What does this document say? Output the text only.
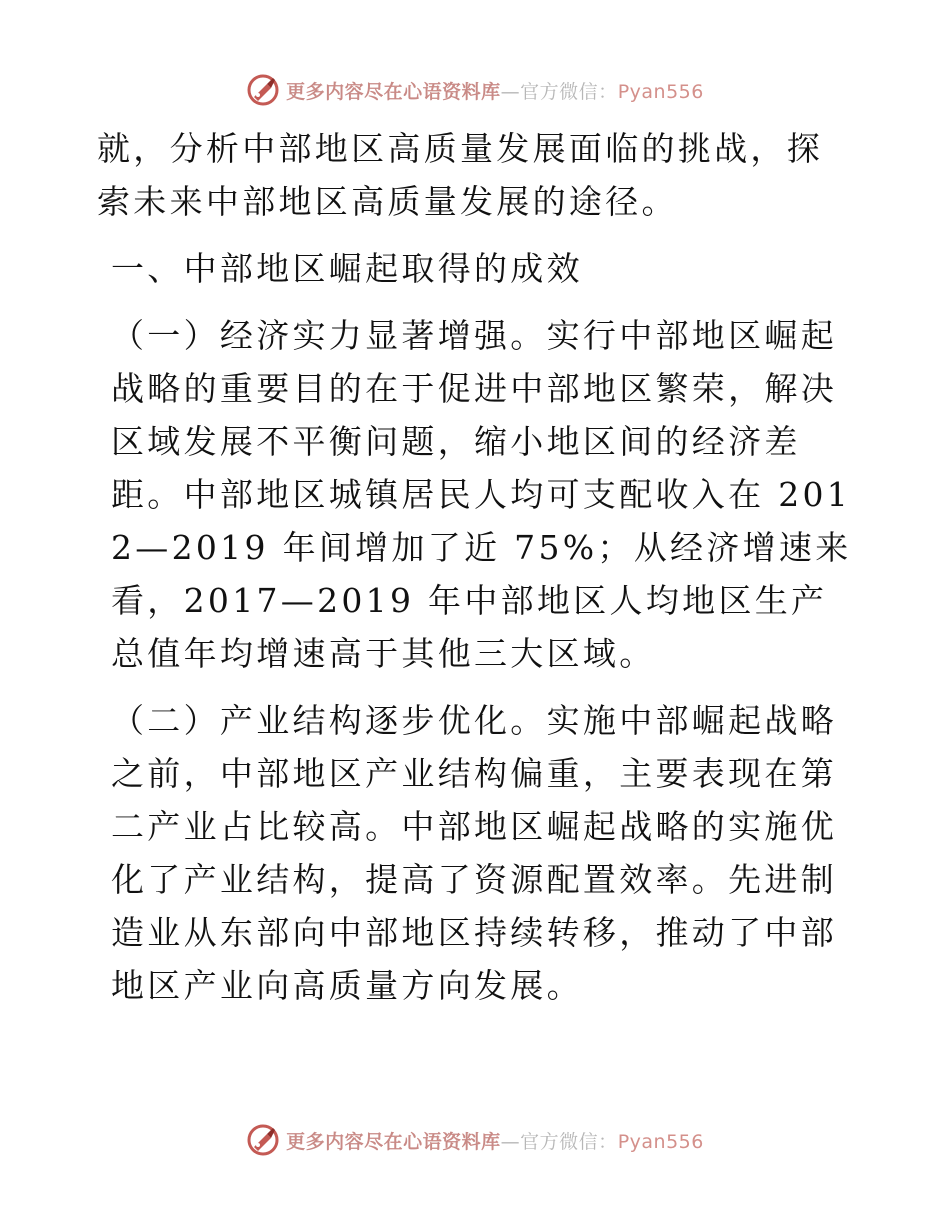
更多内容尽在心语资料库—官方微信：Pyan556

就，分析中部地区高质量发展面临的挑战，探索未来中部地区高质量发展的途径。

一、中部地区崛起取得的成效

（一）经济实力显著增强。实行中部地区崛起战略的重要目的在于促进中部地区繁荣，解决区域发展不平衡问题，缩小地区间的经济差距。中部地区城镇居民人均可支配收入在 2012—2019 年间增加了近 75%；从经济增速来看，2017—2019 年中部地区人均地区生产总值年均增速高于其他三大区域。

（二）产业结构逐步优化。实施中部崛起战略之前，中部地区产业结构偏重，主要表现在第二产业占比较高。中部地区崛起战略的实施优化了产业结构，提高了资源配置效率。先进制造业从东部向中部地区持续转移，推动了中部地区产业向高质量方向发展。

更多内容尽在心语资料库—官方微信：Pyan556
